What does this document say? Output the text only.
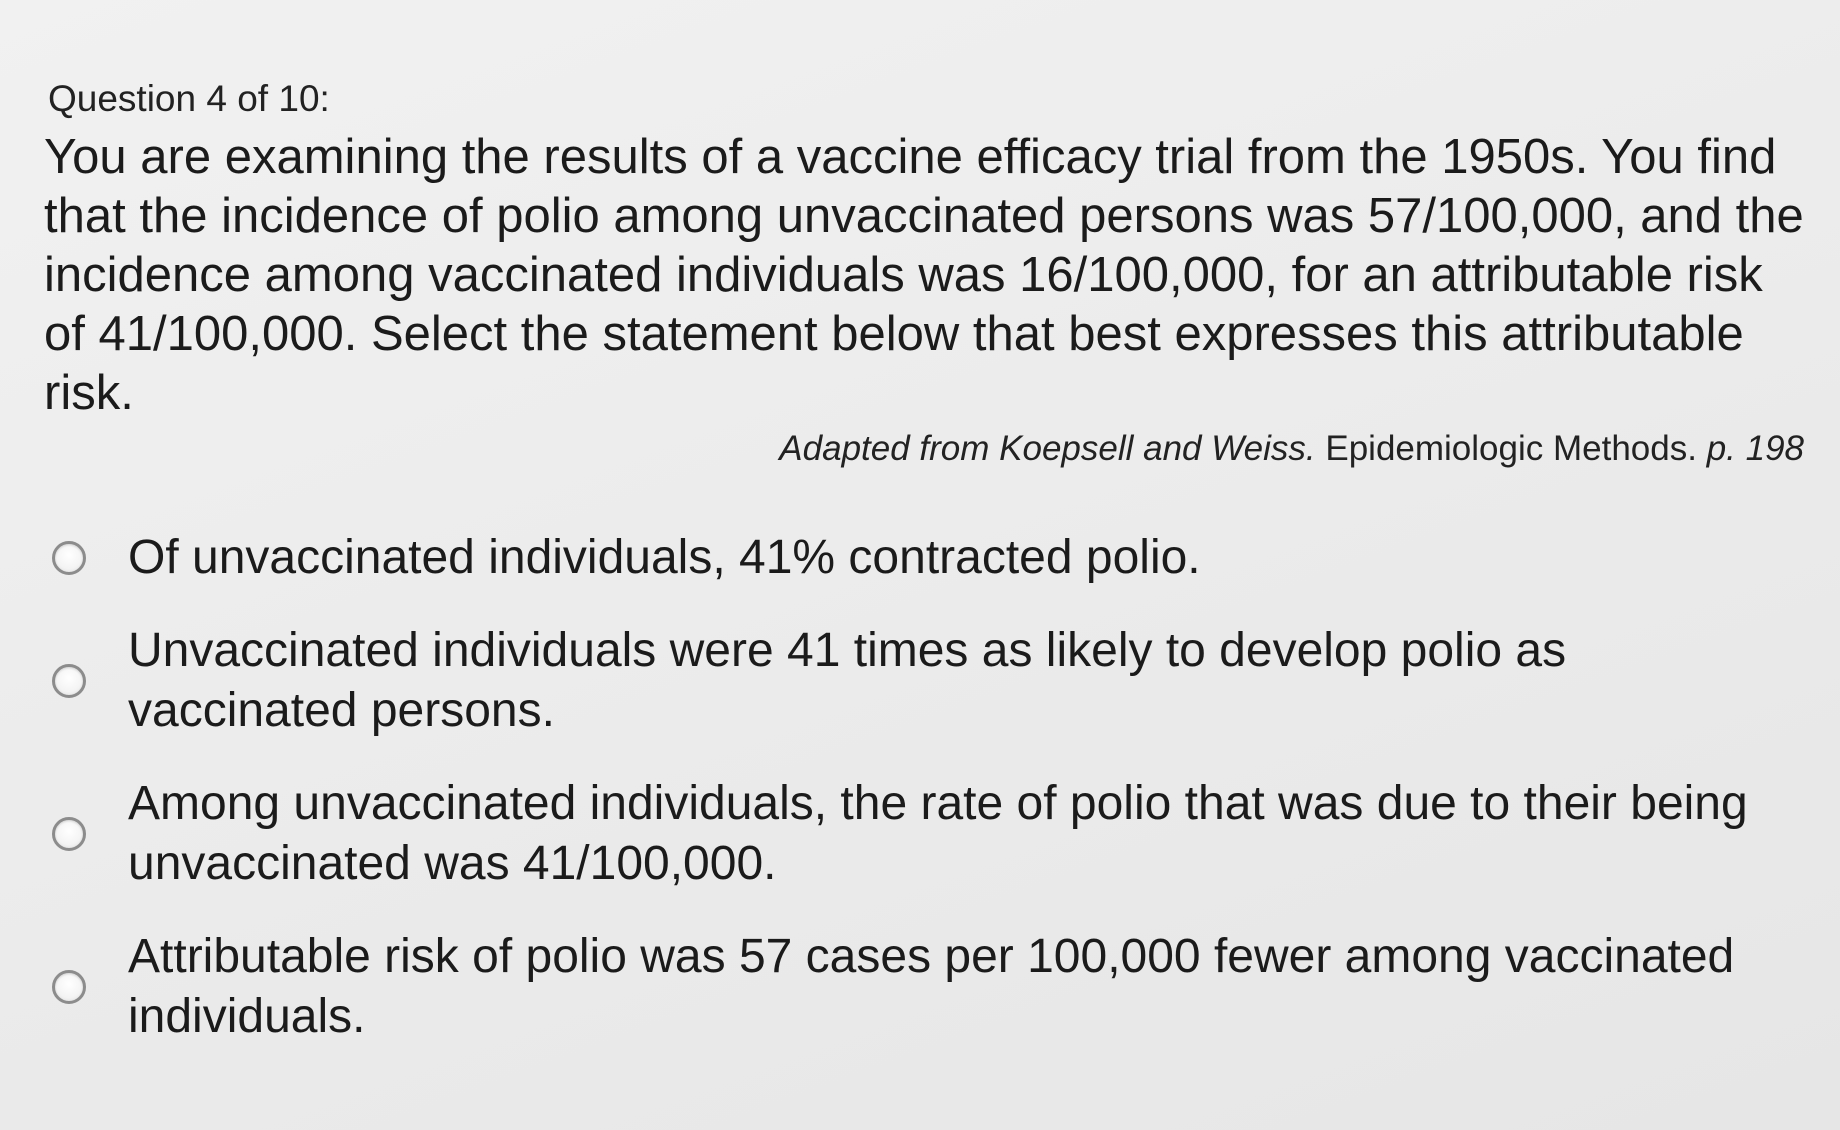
Question 4 of 10:

You are examining the results of a vaccine efficacy trial from the 1950s. You find that the incidence of polio among unvaccinated persons was 57/100,000, and the incidence among vaccinated individuals was 16/100,000, for an attributable risk of 41/100,000. Select the statement below that best expresses this attributable risk.

Adapted from Koepsell and Weiss. Epidemiologic Methods. p. 198
Of unvaccinated individuals, 41% contracted polio.
Unvaccinated individuals were 41 times as likely to develop polio as vaccinated persons.
Among unvaccinated individuals, the rate of polio that was due to their being unvaccinated was 41/100,000.
Attributable risk of polio was 57 cases per 100,000 fewer among vaccinated individuals.
